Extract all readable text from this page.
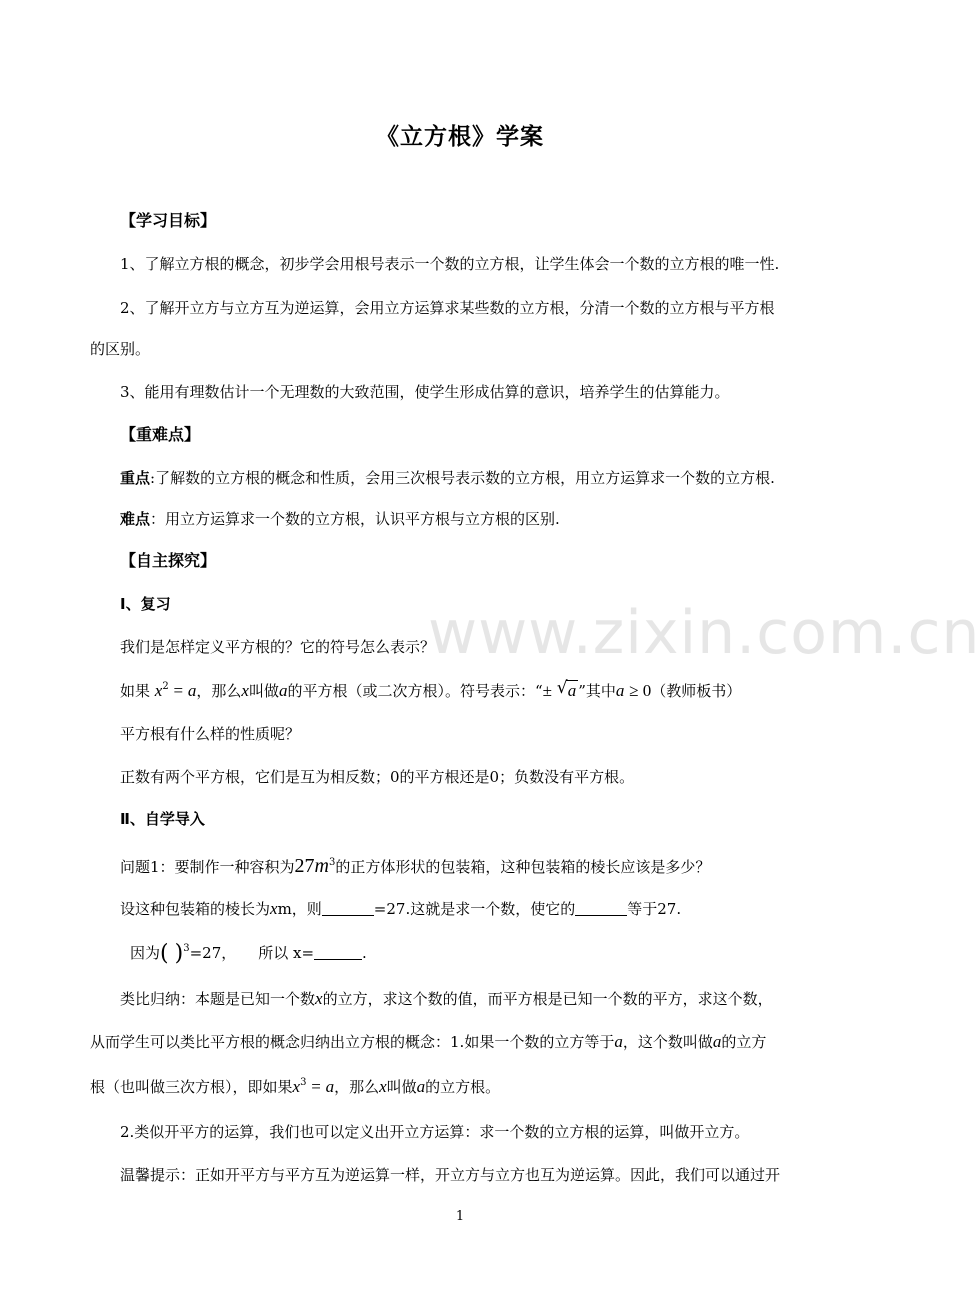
www.zixin.com.cn
《立方根》学案
【学习目标】
1、了解立方根的概念，初步学会用根号表示一个数的立方根，让学生体会一个数的立方根的唯一性.
2、了解开立方与立方互为逆运算，会用立方运算求某些数的立方根，分清一个数的立方根与平方根
的区别。
3、能用有理数估计一个无理数的大致范围，使学生形成估算的意识，培养学生的估算能力。
【重难点】
重点:了解数的立方根的概念和性质，会用三次根号表示数的立方根，用立方运算求一个数的立方根.
难点：用立方运算求一个数的立方根，认识平方根与立方根的区别.
【自主探究】
Ⅰ、复习
我们是怎样定义平方根的？它的符号怎么表示？
如果 $x^2 = a$，那么x叫做a的平方根（或二次方根）。符号表示：“± √ a ”其中a ≥ 0（教师板书）
平方根有什么样的性质呢？
正数有两个平方根，它们是互为相反数；0的平方根还是0；负数没有平方根。
Ⅱ、自学导入
问题1：要制作一种容积为$27m^3$的正方体形状的包装箱，这种包装箱的棱长应该是多少？
设这种包装箱的棱长为xm，则	=27.这就是求一个数，使它的	等于27.
因为( )$^3$=27， 所以 x=	.
类比归纳：本题是已知一个数x的立方，求这个数的值，而平方根是已知一个数的平方，求这个数，
从而学生可以类比平方根的概念归纳出立方根的概念：1.如果一个数的立方等于a，这个数叫做a的立方
根（也叫做三次方根），即如果$x^3 = a$，那么x叫做a的立方根。
2.类似开平方的运算，我们也可以定义出开立方运算：求一个数的立方根的运算，叫做开立方。
温馨提示：正如开平方与平方互为逆运算一样，开立方与立方也互为逆运算。因此，我们可以通过开
1
